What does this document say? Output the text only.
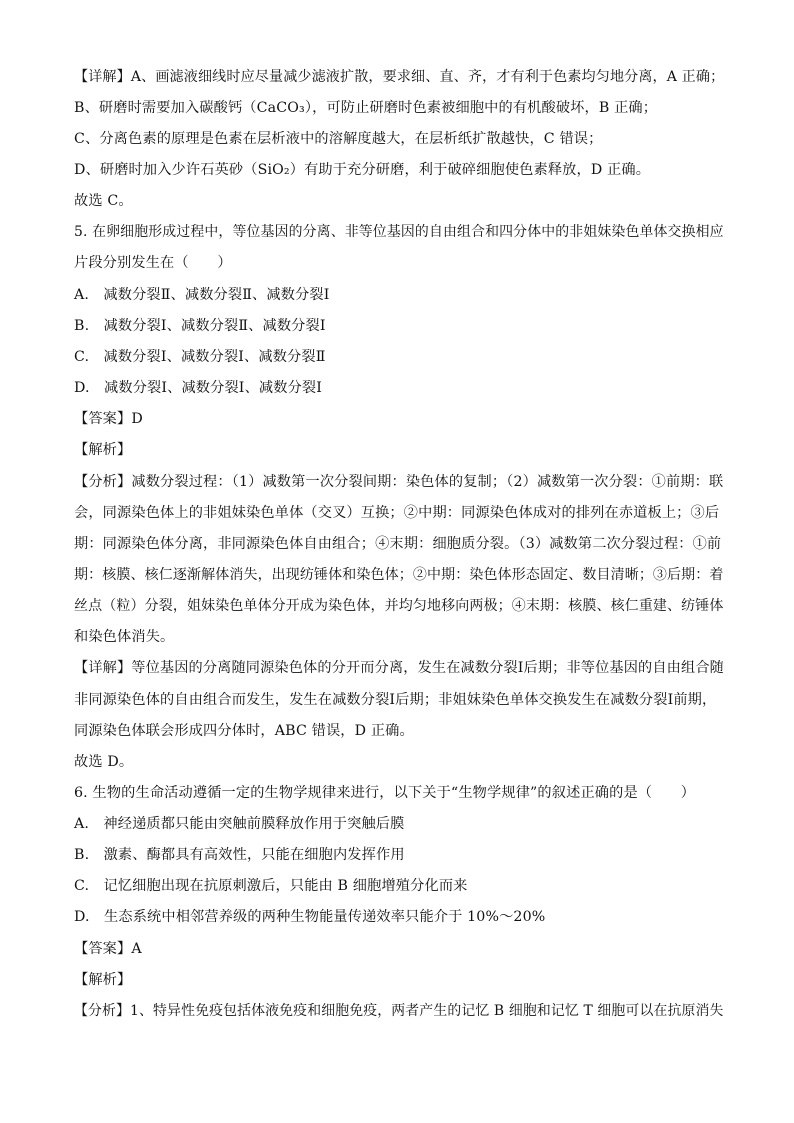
【详解】A、画滤液细线时应尽量减少滤液扩散，要求细、直、齐，才有利于色素均匀地分离，A 正确；
B、研磨时需要加入碳酸钙（CaCO₃），可防止研磨时色素被细胞中的有机酸破坏，B 正确；
C、分离色素的原理是色素在层析液中的溶解度越大，在层析纸扩散越快，C 错误；
D、研磨时加入少许石英砂（SiO₂）有助于充分研磨，利于破碎细胞使色素释放，D 正确。
故选 C。
5. 在卵细胞形成过程中，等位基因的分离、非等位基因的自由组合和四分体中的非姐妹染色单体交换相应
片段分别发生在（　　）
A.　减数分裂Ⅱ、减数分裂Ⅱ、减数分裂Ⅰ
B.　减数分裂Ⅰ、减数分裂Ⅱ、减数分裂Ⅰ
C.　减数分裂Ⅰ、减数分裂Ⅰ、减数分裂Ⅱ
D.　减数分裂Ⅰ、减数分裂Ⅰ、减数分裂Ⅰ
【答案】D
【解析】
【分析】减数分裂过程：（1）减数第一次分裂间期：染色体的复制；（2）减数第一次分裂：①前期：联
会，同源染色体上的非姐妹染色单体（交叉）互换；②中期：同源染色体成对的排列在赤道板上；③后
期：同源染色体分离，非同源染色体自由组合；④末期：细胞质分裂。（3）减数第二次分裂过程：①前
期：核膜、核仁逐渐解体消失，出现纺锤体和染色体；②中期：染色体形态固定、数目清晰；③后期：着
丝点（粒）分裂，姐妹染色单体分开成为染色体，并均匀地移向两极；④末期：核膜、核仁重建、纺锤体
和染色体消失。
【详解】等位基因的分离随同源染色体的分开而分离，发生在减数分裂Ⅰ后期；非等位基因的自由组合随
非同源染色体的自由组合而发生，发生在减数分裂Ⅰ后期；非姐妹染色单体交换发生在减数分裂Ⅰ前期，
同源染色体联会形成四分体时，ABC 错误，D 正确。
故选 D。
6. 生物的生命活动遵循一定的生物学规律来进行，以下关于“生物学规律”的叙述正确的是（　　）
A.　神经递质都只能由突触前膜释放作用于突触后膜
B.　激素、酶都具有高效性，只能在细胞内发挥作用
C.　记忆细胞出现在抗原刺激后，只能由 B 细胞增殖分化而来
D.　生态系统中相邻营养级的两种生物能量传递效率只能介于 10%～20%
【答案】A
【解析】
【分析】1、特异性免疫包括体液免疫和细胞免疫，两者产生的记忆 B 细胞和记忆 T 细胞可以在抗原消失
